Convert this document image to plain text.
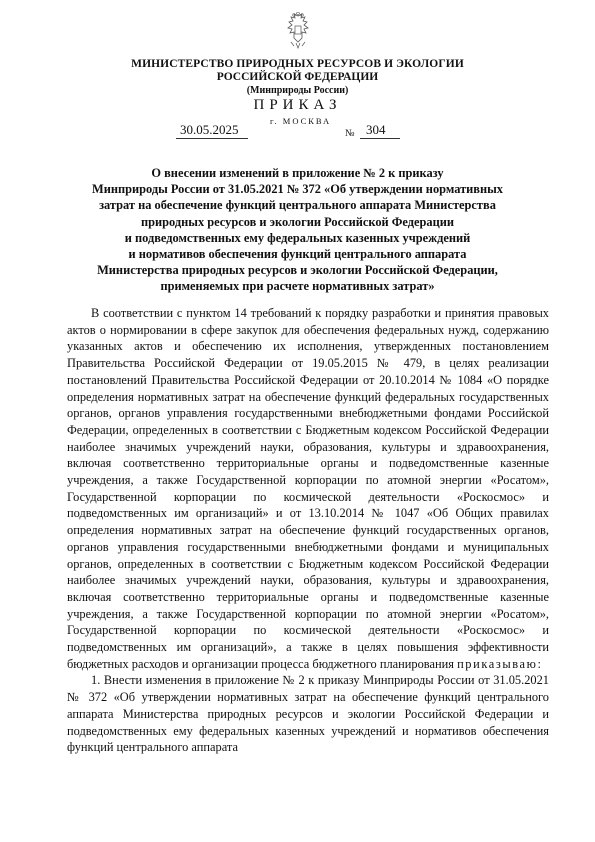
МИНИСТЕРСТВО ПРИРОДНЫХ РЕСУРСОВ И ЭКОЛОГИИ
РОССИЙСКОЙ ФЕДЕРАЦИИ
(Минприроды России)
ПРИКАЗ
30.05.2025
г. МОСКВА
№ 304
О внесении изменений в приложение № 2 к приказу
Минприроды России от 31.05.2021 № 372 «Об утверждении нормативных
затрат на обеспечение функций центрального аппарата Министерства
природных ресурсов и экологии Российской Федерации
и подведомственных ему федеральных казенных учреждений
и нормативов обеспечения функций центрального аппарата
Министерства природных ресурсов и экологии Российской Федерации,
применяемых при расчете нормативных затрат»

В соответствии с пунктом 14 требований к порядку разработки и принятия правовых актов о нормировании в сфере закупок для обеспечения федеральных нужд, содержанию указанных актов и обеспечению их исполнения, утвержденных постановлением Правительства Российской Федерации от 19.05.2015 № 479, в целях реализации постановлений Правительства Российской Федерации от 20.10.2014 № 1084 «О порядке определения нормативных затрат на обеспечение функций федеральных государственных органов, органов управления государственными внебюджетными фондами Российской Федерации, определенных в соответствии с Бюджетным кодексом Российской Федерации наиболее значимых учреждений науки, образования, культуры и здравоохранения, включая соответственно территориальные органы и подведомственные казенные учреждения, а также Государственной корпорации по атомной энергии «Росатом», Государственной корпорации по космической деятельности «Роскосмос» и подведомственных им организаций» и от 13.10.2014 № 1047 «Об Общих правилах определения нормативных затрат на обеспечение функций государственных органов, органов управления государственными внебюджетными фондами и муниципальных органов, определенных в соответствии с Бюджетным кодексом Российской Федерации наиболее значимых учреждений науки, образования, культуры и здравоохранения, включая соответственно территориальные органы и подведомственные казенные учреждения, а также Государственной корпорации по атомной энергии «Росатом», Государственной корпорации по космической деятельности «Роскосмос» и подведомственных им организаций», а также в целях повышения эффективности бюджетных расходов и организации процесса бюджетного планирования приказываю:

1. Внести изменения в приложение № 2 к приказу Минприроды России от 31.05.2021 № 372 «Об утверждении нормативных затрат на обеспечение функций центрального аппарата Министерства природных ресурсов и экологии Российской Федерации и подведомственных ему федеральных казенных учреждений и нормативов обеспечения функций центрального аппарата
